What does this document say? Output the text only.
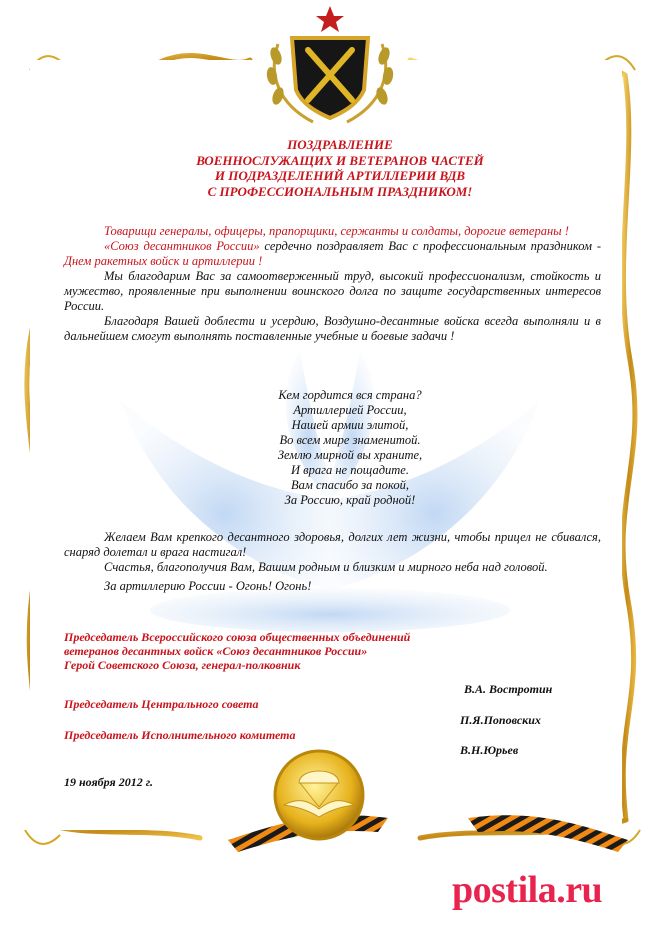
ПОЗДРАВЛЕНИЕ
ВОЕННОСЛУЖАЩИХ И ВЕТЕРАНОВ ЧАСТЕЙ
И ПОДРАЗДЕЛЕНИЙ АРТИЛЛЕРИИ ВДВ
С ПРОФЕССИОНАЛЬНЫМ ПРАЗДНИКОМ!

Товарищи генералы, офицеры, прапорщики, сержанты и солдаты, дорогие ветераны !

«Союз десантников России» сердечно поздравляет Вас с профессиональным праздником - Днем ракетных войск и артиллерии !

Мы благодарим Вас за самоотверженный труд, высокий профессионализм, стойкость и мужество, проявленные при выполнении воинского долга по защите государственных интересов России.

Благодаря Вашей доблести и усердию, Воздушно-десантные войска всегда выполняли и в дальнейшем смогут выполнять поставленные учебные и боевые задачи !

Кем гордится вся страна?
Артиллерией России,
Нашей армии элитой,
Во всем мире знаменитой.
Землю мирной вы храните,
И врага не пощадите.
Вам спасибо за покой,
За Россию, край родной!

Желаем Вам крепкого десантного здоровья, долгих лет жизни, чтобы прицел не сбивался, снаряд долетал и врага настигал!

Счастья, благополучия Вам, Вашим родным и близким и мирного неба над головой.

За артиллерию России - Огонь! Огонь!

Председатель Всероссийского союза общественных объединений
ветеранов десантных войск «Союз десантников России»
Герой Советского Союза, генерал-полковник
В.А. Востротин
Председатель Центрального совета
П.Я.Поповских
Председатель Исполнительного комитета
В.Н.Юрьев
19 ноября 2012 г.
postila.ru
